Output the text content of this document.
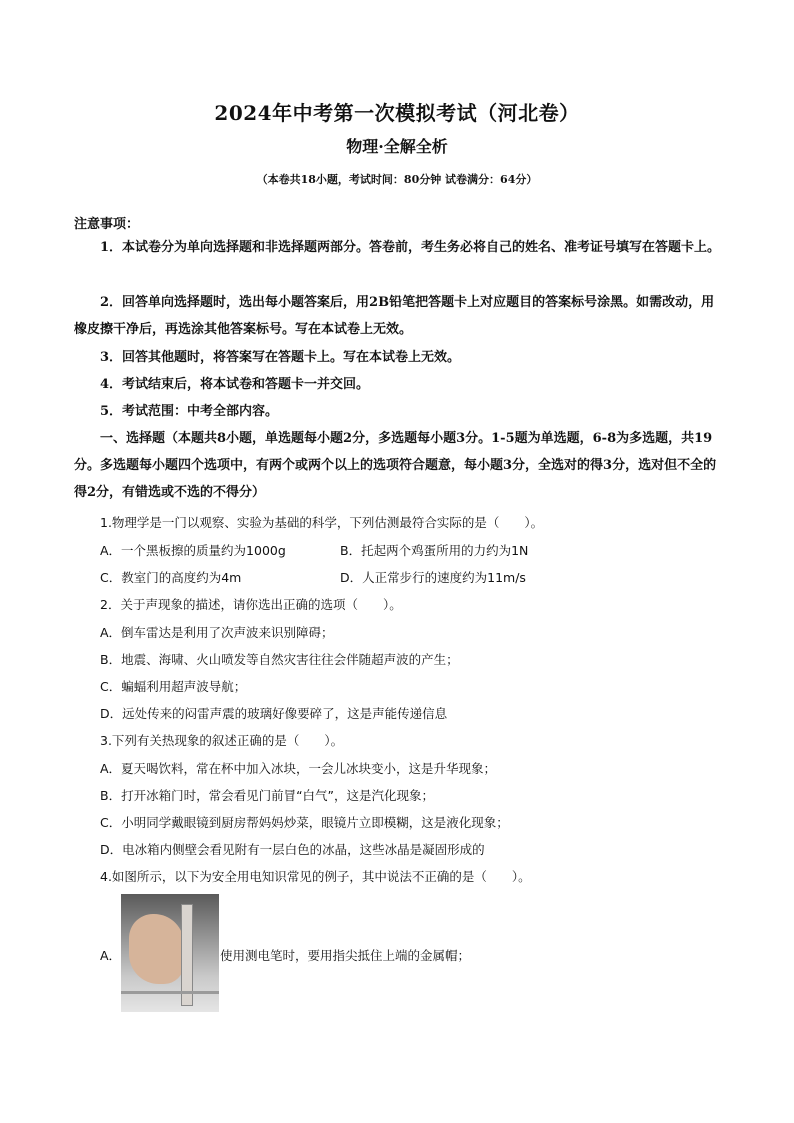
2024年中考第一次模拟考试（河北卷）
物理·全解全析
（本卷共18小题，考试时间：80分钟 试卷满分：64分）
注意事项：
1．本试卷分为单向选择题和非选择题两部分。答卷前，考生务必将自己的姓名、准考证号填写在答题卡上。
2．回答单向选择题时，选出每小题答案后，用2B铅笔把答题卡上对应题目的答案标号涂黑。如需改动，用橡皮擦干净后，再选涂其他答案标号。写在本试卷上无效。
3．回答其他题时，将答案写在答题卡上。写在本试卷上无效。
4．考试结束后，将本试卷和答题卡一并交回。
5．考试范围：中考全部内容。
一、选择题（本题共8小题，单选题每小题2分，多选题每小题3分。1-5题为单选题，6-8为多选题，共19分。多选题每小题四个选项中，有两个或两个以上的选项符合题意，每小题3分，全选对的得3分，选对但不全的得2分，有错选或不选的不得分）
1.物理学是一门以观察、实验为基础的科学，下列估测最符合实际的是（　　）。
A．一个黑板擦的质量约为1000g	B．托起两个鸡蛋所用的力约为1N
C．教室门的高度约为4m	D．人正常步行的速度约为11m/s
2．关于声现象的描述，请你选出正确的选项（　　）。
A．倒车雷达是利用了次声波来识别障碍；
B．地震、海啸、火山喷发等自然灾害往往会伴随超声波的产生；
C．蝙蝠利用超声波导航；
D．远处传来的闷雷声震的玻璃好像要碎了，这是声能传递信息
3.下列有关热现象的叙述正确的是（　　）。
A．夏天喝饮料，常在杯中加入冰块，一会儿冰块变小，这是升华现象；
B．打开冰箱门时，常会看见门前冒“白气”，这是汽化现象；
C．小明同学戴眼镜到厨房帮妈妈炒菜，眼镜片立即模糊，这是液化现象；
D．电冰箱内侧壁会看见附有一层白色的冰晶，这些冰晶是凝固形成的
4.如图所示，以下为安全用电知识常见的例子，其中说法不正确的是（　　）。
A．	使用测电笔时，要用指尖抵住上端的金属帽；
